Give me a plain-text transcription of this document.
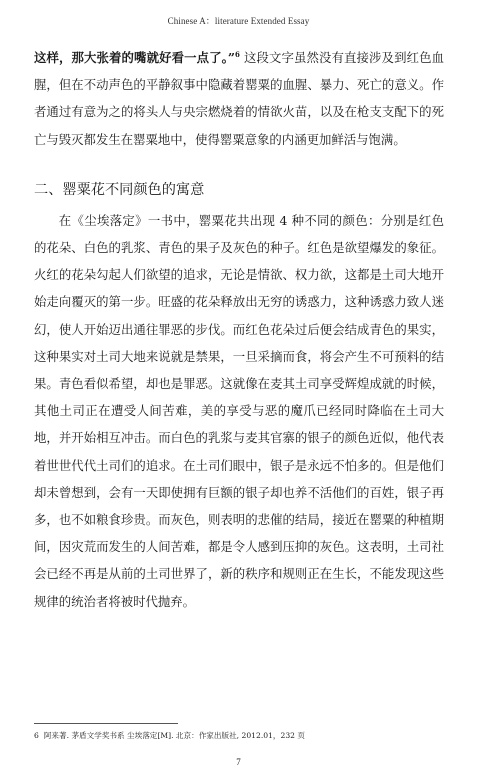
Chinese A：literature Extended Essay

这样，那大张着的嘴就好看一点了。”$^6$ 这段文字虽然没有直接涉及到红色血腥，但在不动声色的平静叙事中隐藏着罂粟的血腥、暴力、死亡的意义。作者通过有意为之的将头人与央宗燃烧着的情欲火苗，以及在枪支支配下的死亡与毁灭都发生在罂粟地中，使得罂粟意象的内涵更加鲜活与饱满。

二、罂粟花不同颜色的寓意

在《尘埃落定》一书中，罂粟花共出现 4 种不同的颜色：分别是红色的花朵、白色的乳浆、青色的果子及灰色的种子。红色是欲望爆发的象征。火红的花朵勾起人们欲望的追求，无论是情欲、权力欲，这都是土司大地开始走向覆灭的第一步。旺盛的花朵释放出无穷的诱惑力，这种诱惑力致人迷幻，使人开始迈出通往罪恶的步伐。而红色花朵过后便会结成青色的果实，这种果实对土司大地来说就是禁果，一旦采摘而食，将会产生不可预料的结果。青色看似希望，却也是罪恶。这就像在麦其土司享受辉煌成就的时候，其他土司正在遭受人间苦难，美的享受与恶的魔爪已经同时降临在土司大地，并开始相互冲击。而白色的乳浆与麦其官寨的银子的颜色近似，他代表着世世代代土司们的追求。在土司们眼中，银子是永远不怕多的。但是他们却未曾想到，会有一天即使拥有巨额的银子却也养不活他们的百姓，银子再多，也不如粮食珍贵。而灰色，则表明的悲催的结局，接近在罂粟的种植期间，因灾荒而发生的人间苦难，都是令人感到压抑的灰色。这表明，土司社会已经不再是从前的土司世界了，新的秩序和规则正在生长，不能发现这些规律的统治者将被时代抛弃。

6 阿来著. 茅盾文学奖书系 尘埃落定[M]. 北京：作家出版社, 2012.01，232 页
7
